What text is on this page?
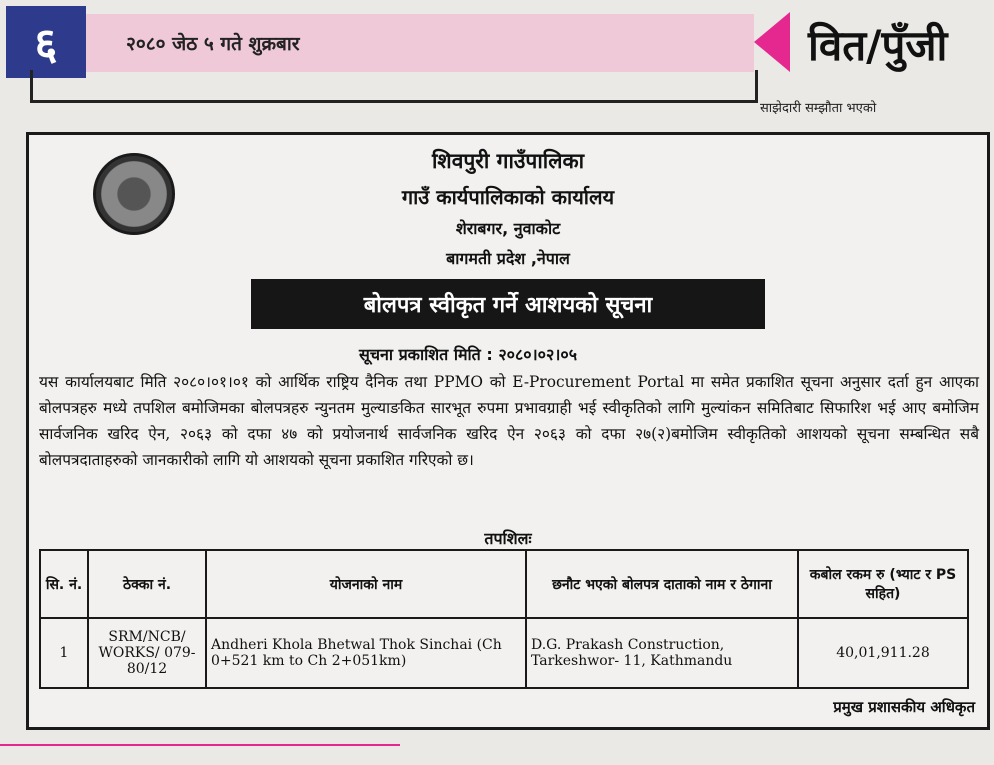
६	२०८० जेठ ५ गते शुक्रबार	वित/पुँजी
साझेदारी सम्झौता भएको
शिवपुरी गाउँपालिका
गाउँ कार्यपालिकाको कार्यालय
शेराबगर, नुवाकोट
बागमती प्रदेश ,नेपाल
बोलपत्र स्वीकृत गर्ने आशयको सूचना
सूचना प्रकाशित मिति : २०८०।०२।०५
यस कार्यालयबाट मिति २०८०।०१।०१ को आर्थिक राष्ट्रिय दैनिक तथा PPMO को E-Procurement Portal मा समेत प्रकाशित सूचना अनुसार दर्ता हुन आएका बोलपत्रहरु मध्ये तपशिल बमोजिमका बोलपत्रहरु न्युनतम मुल्याङकित सारभूत रुपमा प्रभावग्राही भई स्वीकृतिको लागि मुल्यांकन समितिबाट सिफारिश भई आए बमोजिम सार्वजनिक खरिद ऐन, २०६३ को दफा ४७ को प्रयोजनार्थ सार्वजनिक खरिद ऐन २०६३ को दफा २७(२)बमोजिम स्वीकृतिको आशयको सूचना सम्बन्धित सबै बोलपत्रदाताहरुको जानकारीको लागि यो आशयको सूचना प्रकाशित गरिएको छ।
तपशिलः
सि. नं.	ठेक्का नं.	योजनाको नाम	छनौट भएको बोलपत्र दाताको नाम र ठेगाना	कबोल रकम रु (भ्याट र PS सहित)
1	SRM/NCB/ WORKS/ 079-80/12	Andheri Khola Bhetwal Thok Sinchai (Ch 0+521 km to Ch 2+051km)	D.G. Prakash Construction, Tarkeshwor- 11, Kathmandu	40,01,911.28
प्रमुख प्रशासकीय अधिकृत
